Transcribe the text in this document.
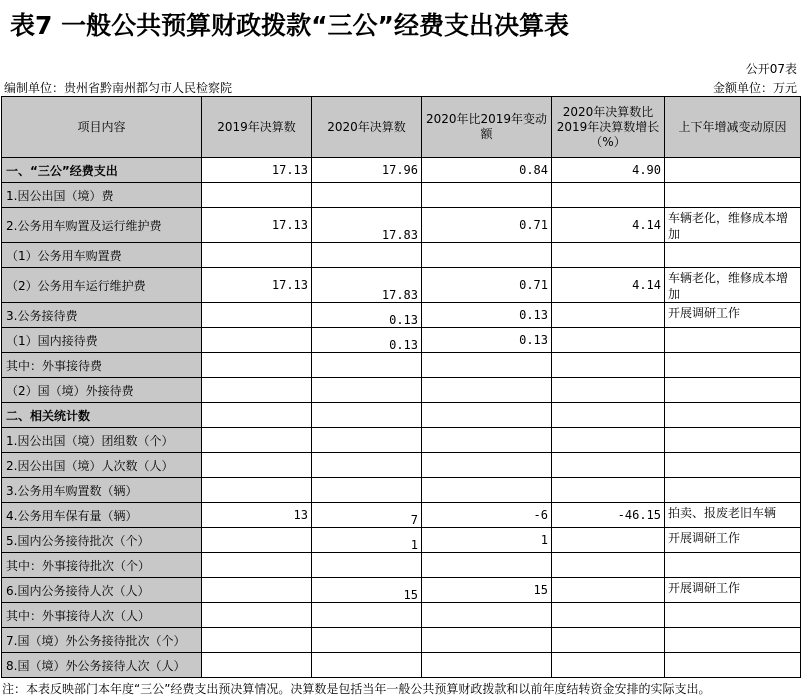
表7 一般公共预算财政拨款“三公”经费支出决算表
公开07表
编制单位：贵州省黔南州都匀市人民检察院	金额单位：万元
项目内容	2019年决算数	2020年决算数	2020年比2019年变动额	2020年决算数比2019年决算数增长（%）	上下年增减变动原因
一、“三公”经费支出	17.13	17.96	0.84	4.90	
1.因公出国（境）费					
2.公务用车购置及运行维护费	17.13	17.83	0.71	4.14	车辆老化，维修成本增加
（1）公务用车购置费					
（2）公务用车运行维护费	17.13	17.83	0.71	4.14	车辆老化，维修成本增加
3.公务接待费		0.13	0.13		开展调研工作
（1）国内接待费		0.13	0.13		
其中：外事接待费					
（2）国（境）外接待费					
二、相关统计数					
1.因公出国（境）团组数（个）					
2.因公出国（境）人次数（人）					
3.公务用车购置数（辆）					
4.公务用车保有量（辆）	13	7	-6	-46.15	拍卖、报废老旧车辆
5.国内公务接待批次（个）		1	1		开展调研工作
其中：外事接待批次（个）					
6.国内公务接待人次（人）		15	15		开展调研工作
其中：外事接待人次（人）					
7.国（境）外公务接待批次（个）					
8.国（境）外公务接待人次（人）					
注：本表反映部门本年度“三公”经费支出预决算情况。决算数是包括当年一般公共预算财政拨款和以前年度结转资金安排的实际支出。
